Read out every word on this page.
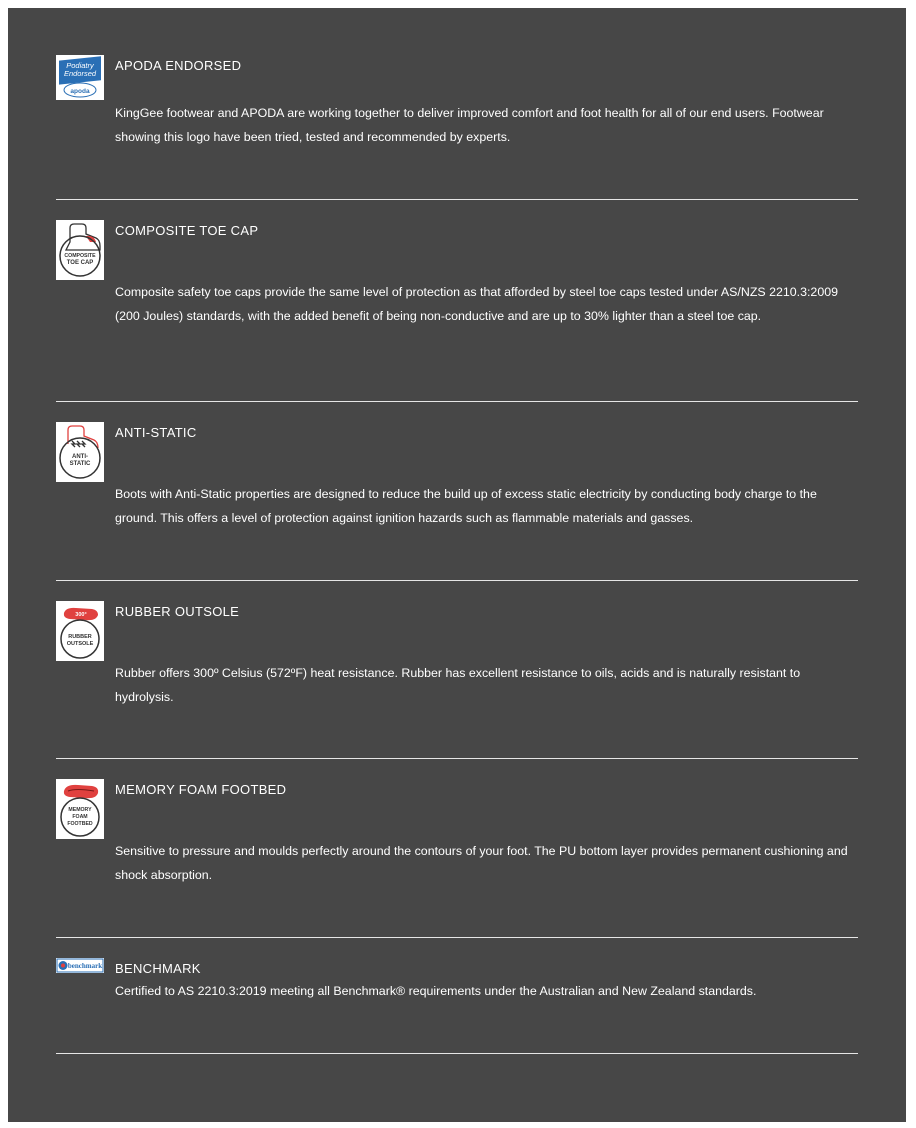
Podiatry
Endorsed
apoda
APODA ENDORSED
KingGee footwear and APODA are working together to deliver improved comfort and foot health for all of our end users. Footwear showing this logo have been tried, tested and recommended by experts.
COMPOSITE
TOE CAP
COMPOSITE TOE CAP
Composite safety toe caps provide the same level of protection as that afforded by steel toe caps tested under AS/NZS 2210.3:2009 (200 Joules) standards, with the added benefit of being non-conductive and are up to 30% lighter than a steel toe cap.
ANTI-
STATIC
ANTI-STATIC
Boots with Anti-Static properties are designed to reduce the build up of excess static electricity by conducting body charge to the ground. This offers a level of protection against ignition hazards such as flammable materials and gasses.
300°
RUBBER
OUTSOLE
RUBBER OUTSOLE
Rubber offers 300º Celsius (572ºF) heat resistance. Rubber has excellent resistance to oils, acids and is naturally resistant to hydrolysis.
MEMORY
FOAM
FOOTBED
MEMORY FOAM FOOTBED
Sensitive to pressure and moulds perfectly around the contours of your foot. The PU bottom layer provides permanent cushioning and shock absorption.
benchmark BENCHMARK
Certified to AS 2210.3:2019 meeting all Benchmark® requirements under the Australian and New Zealand standards.
